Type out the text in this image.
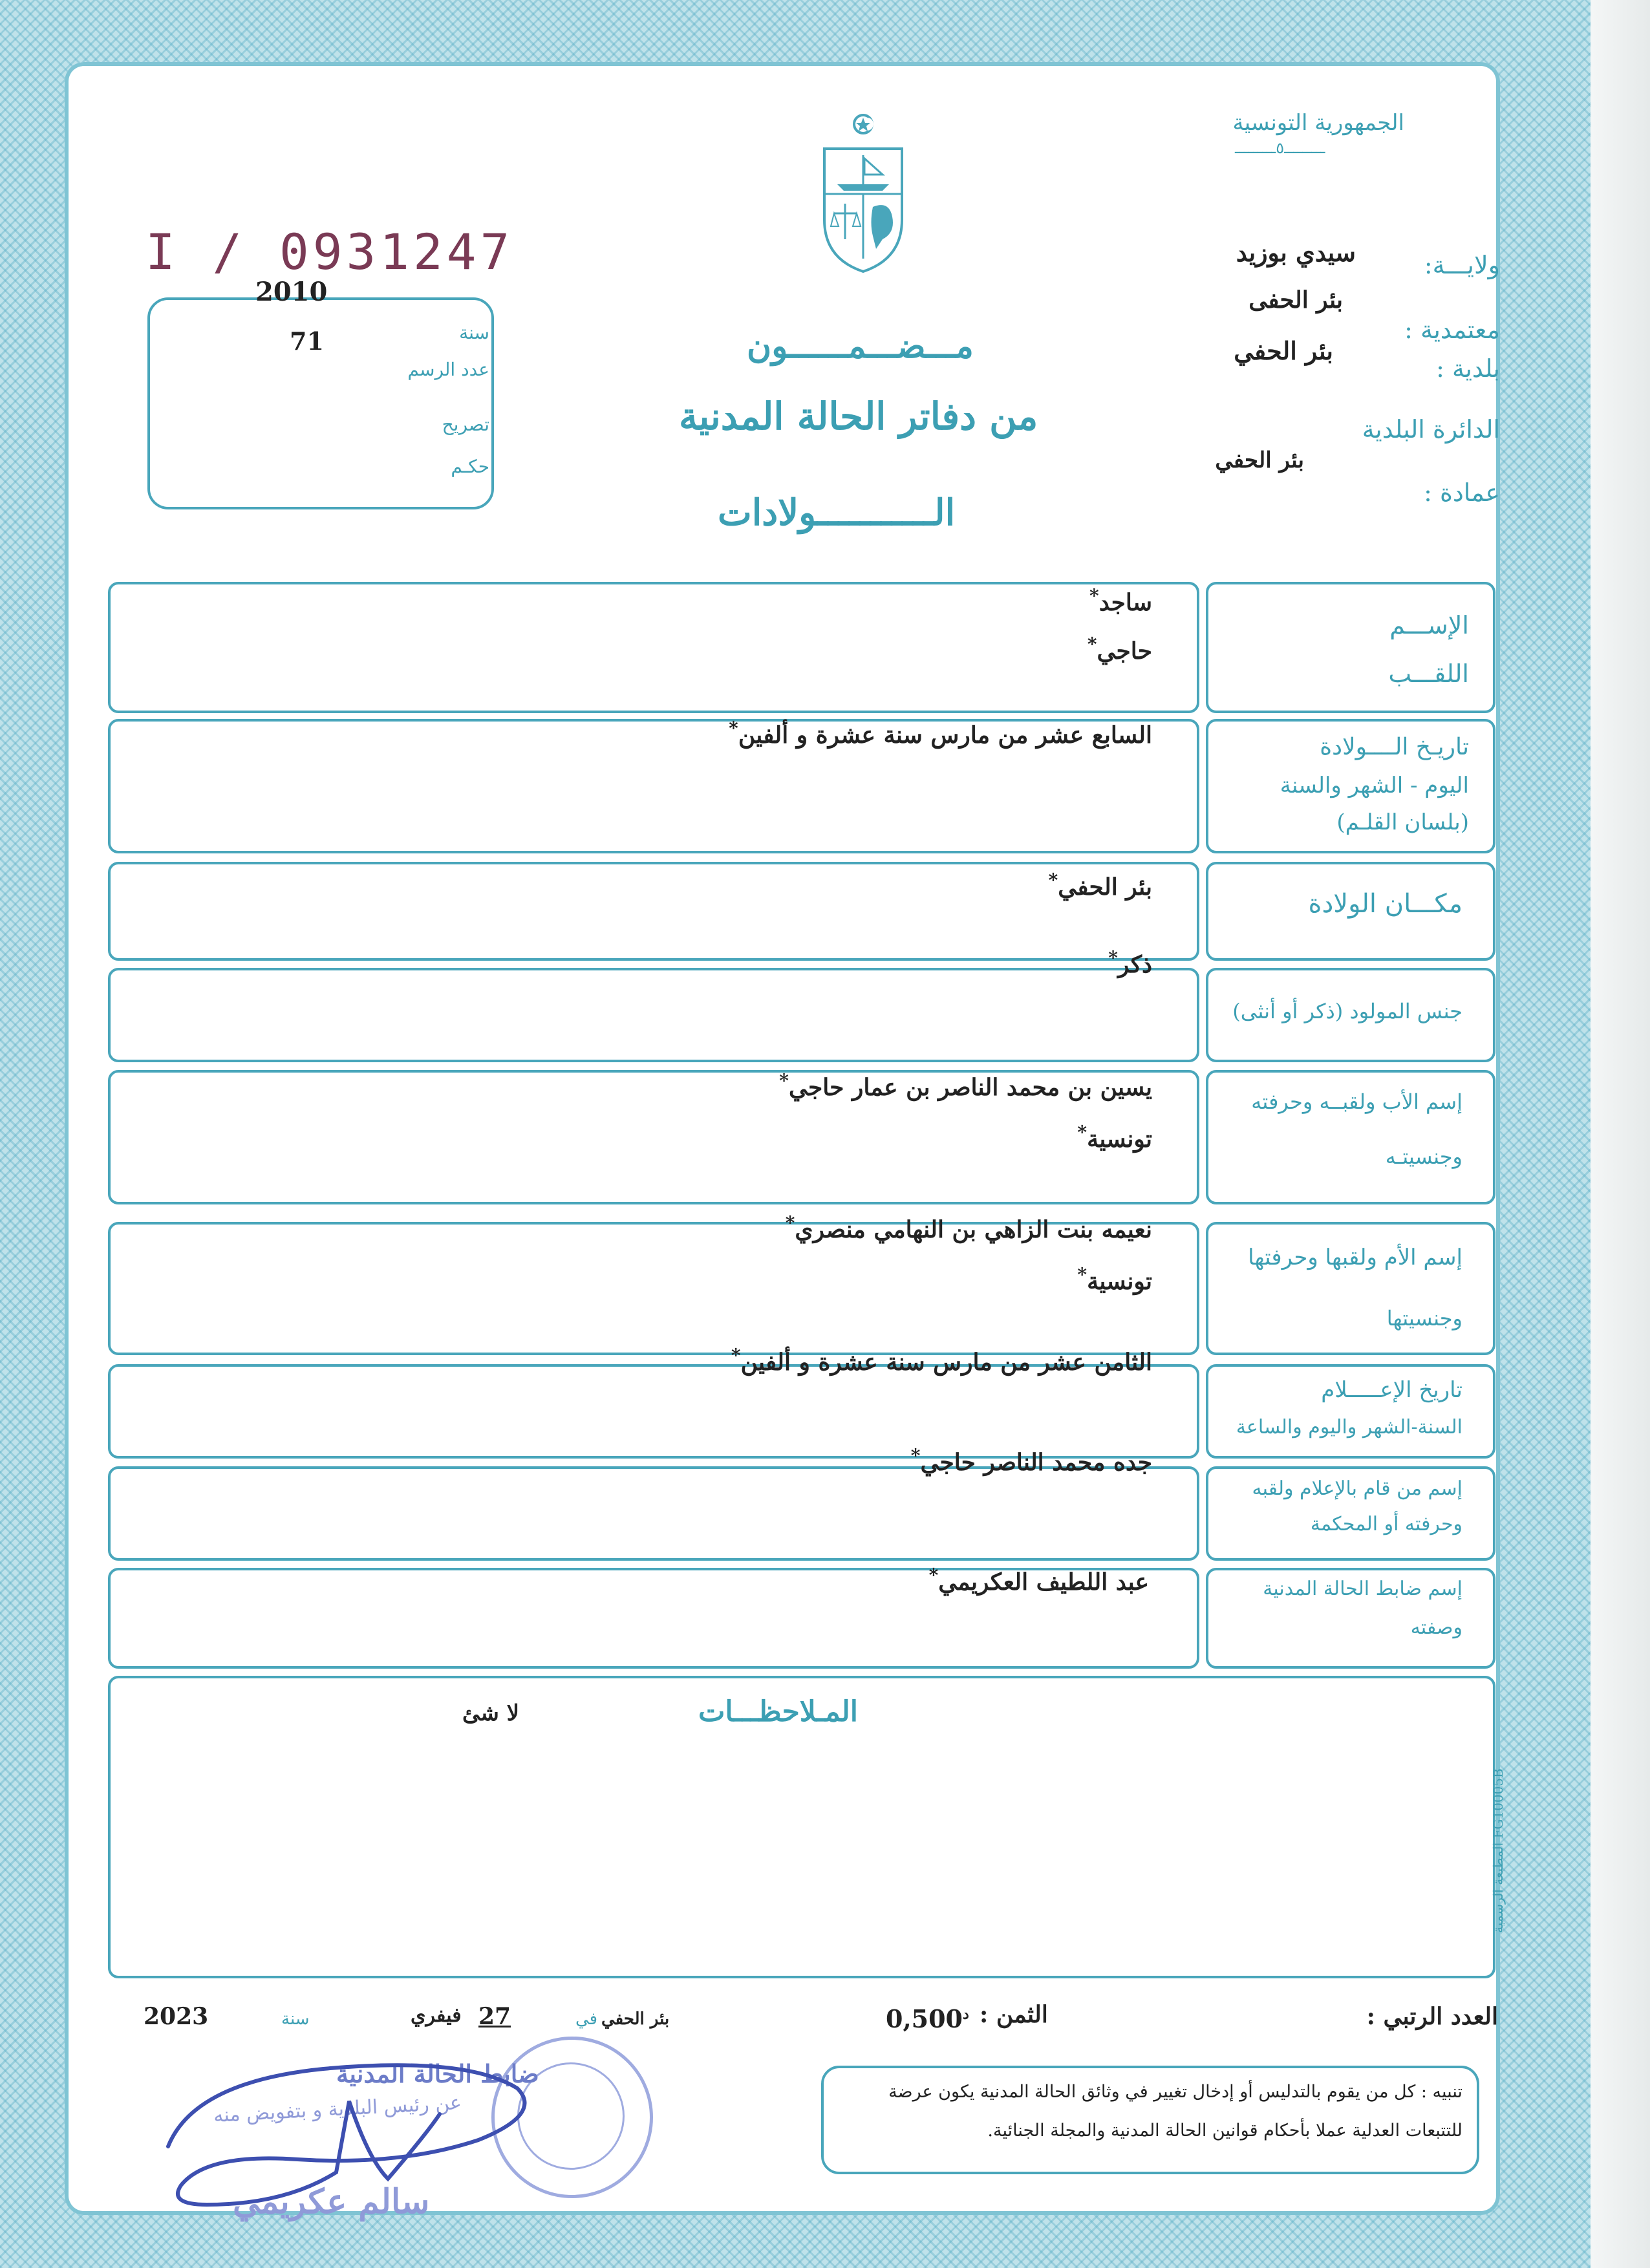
الجمهورية التونسية
ـــــــــ٥ـــــــــ
I / 0931247	ولايـــة:
سيدي بوزيد
بئر الحفى
معتمدية :
بئر الحفي
بلدية :
الدائرة البلدية
بئر الحفي
عمادة :
2010
سنة
71
عدد الرسم
تصريح
حكـم
مـــضـــمــــــون
من دفاتر الحالة المدنية
الـــــــــــولادات
الإســـم
اللقـــب
ساجد*
حاجي*
تاريـخ الــــولادة
اليوم - الشهر والسنة
(بلسان القلـم)
السابع عشر من مارس سنة عشرة و ألفين*
مكـــان الولادة
بئر الحفي*
جنس المولود (ذكر أو أنثى)
ذكر*
إسم الأب ولقبــه وحرفته
وجنسيتـه
يسين بن محمد الناصر بن عمار حاجي*
تونسية*
إسم الأم ولقبها وحرفتها
وجنسيتها
نعيمه بنت الزاهي بن النهامي منصري*
تونسية*
تاريخ الإعـــــلام
السنة-الشهر واليوم والساعة
الثامن عشر من مارس سنة عشرة و ألفين*
إسم من قام بالإعلام ولقبه
وحرفته أو المحكمة
جده محمد الناصر حاجي*
إسم ضابط الحالة المدنية
وصفته
عبد اللطيف العكريمي*
المـلاحظـــات
لا شئ
المطبعة الرسمية FG10005B
العدد الرتبي :
الثمن :
$0,500^د$
بئر الحفي
في
27
فيفري
سنة
2023
تنبيه : كل من يقوم بالتدليس أو إدخال تغيير في وثائق الحالة المدنية يكون عرضة
للتتبعات العدلية عملا بأحكام قوانين الحالة المدنية والمجلة الجنائية.
ضابط الحالة المدنية
عن رئيس البلدية و بتفويض منه
سالم عكريمي
